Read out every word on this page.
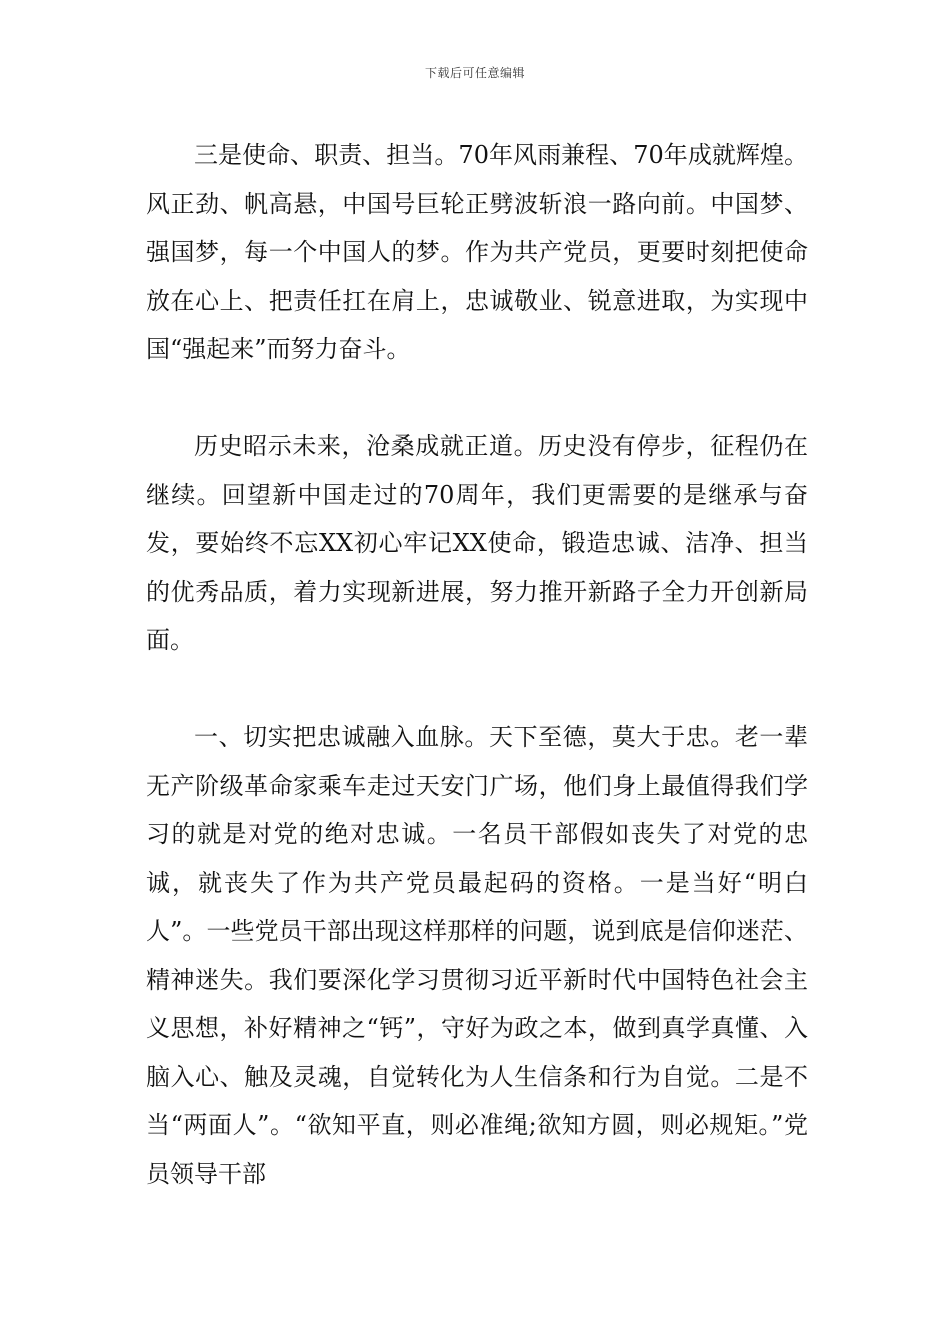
下载后可任意编辑

三是使命、职责、担当。70年风雨兼程、70年成就辉煌。风正劲、帆高悬，中国号巨轮正劈波斩浪一路向前。中国梦、强国梦，每一个中国人的梦。作为共产党员，更要时刻把使命放在心上、把责任扛在肩上，忠诚敬业、锐意进取，为实现中国“强起来”而努力奋斗。

历史昭示未来，沧桑成就正道。历史没有停步，征程仍在继续。回望新中国走过的70周年，我们更需要的是继承与奋发，要始终不忘XX初心牢记XX使命，锻造忠诚、洁净、担当的优秀品质，着力实现新进展，努力推开新路子全力开创新局面。

一、切实把忠诚融入血脉。天下至德，莫大于忠。老一辈无产阶级革命家乘车走过天安门广场，他们身上最值得我们学习的就是对党的绝对忠诚。一名员干部假如丧失了对党的忠诚，就丧失了作为共产党员最起码的资格。一是当好“明白人”。一些党员干部出现这样那样的问题，说到底是信仰迷茫、精神迷失。我们要深化学习贯彻习近平新时代中国特色社会主义思想，补好精神之“钙”，守好为政之本，做到真学真懂、入脑入心、触及灵魂，自觉转化为人生信条和行为自觉。二是不当“两面人”。“欲知平直，则必准绳;欲知方圆，则必规矩。”党员领导干部
